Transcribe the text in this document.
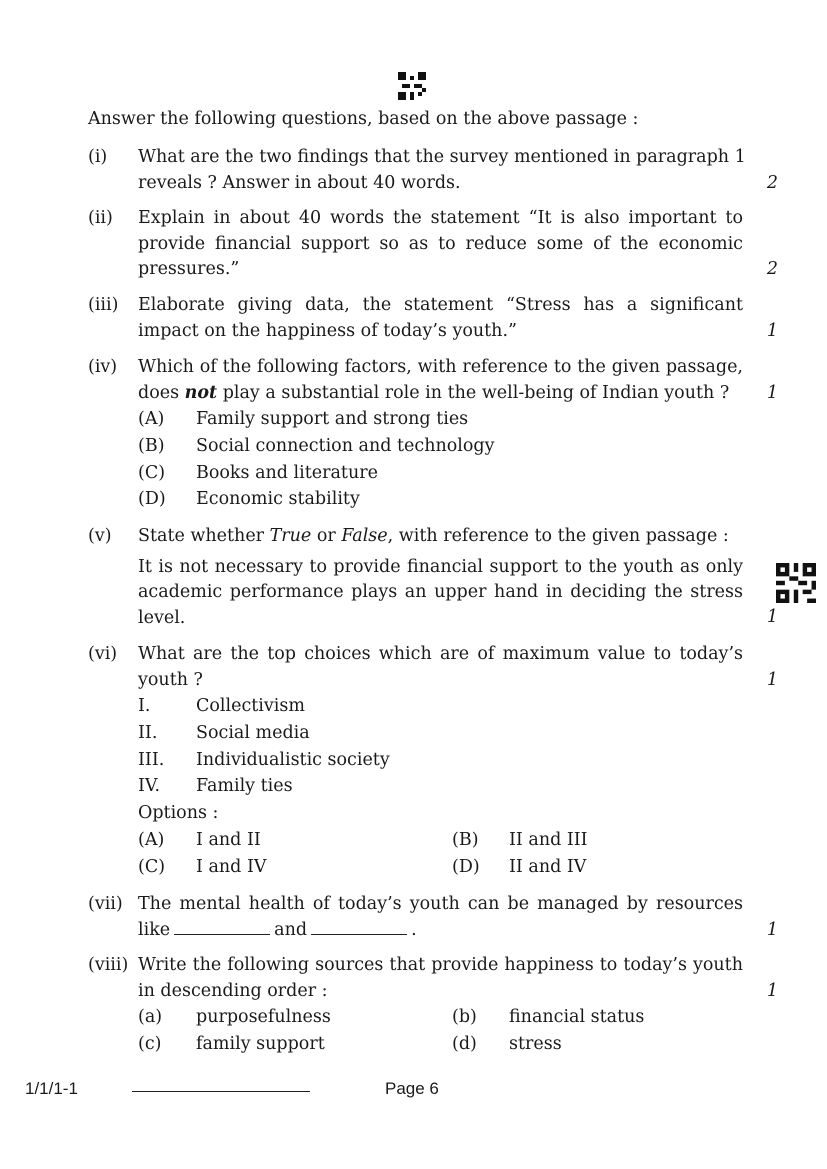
Answer the following questions, based on the above passage :
(i) What are the two findings that the survey mentioned in paragraph 1
reveals ? Answer in about 40 words.	2
(ii) Explain in about 40 words the statement “It is also important to
provide financial support so as to reduce some of the economic
pressures.”	2
(iii) Elaborate giving data, the statement “Stress has a significant
impact on the happiness of today’s youth.”	1
(iv) Which of the following factors, with reference to the given passage,
does not play a substantial role in the well-being of Indian youth ?
(A) Family support and strong ties
(B) Social connection and technology
(C) Books and literature
(D) Economic stability
1
(v) State whether True or False, with reference to the given passage :
It is not necessary to provide financial support to the youth as only
academic performance plays an upper hand in deciding the stress
level.	1
(vi) What are the top choices which are of maximum value to today’s
youth ?
I.	Collectivism
II. Social media
III. Individualistic society
IV. Family ties
Options :
(A) I and II	(B) II and III
(C) I and IV	(D) II and IV
1
(vii) The mental health of today’s youth can be managed by resources
like	and	.	1
(viii) Write the following sources that provide happiness to today’s youth
in descending order :
(a) purposefulness	(b) financial status
(c) family support	(d) stress
1
1/1/1-1	Page 6
